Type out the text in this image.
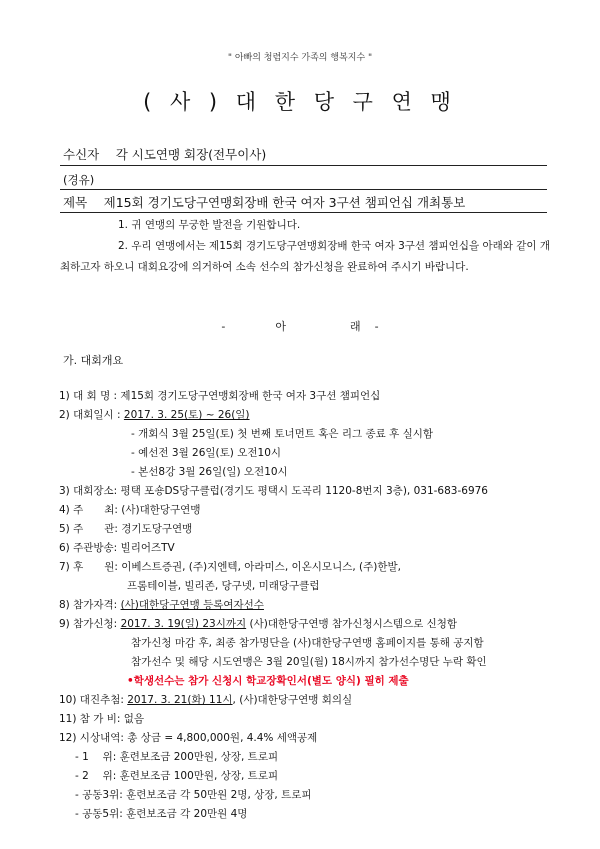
" 아빠의 청렴지수 가족의 행복지수 "
( 사 ) 대 한 당 구 연 맹
수신자　 각 시도연맹 회장(전무이사)
(경유)
제목　 제15회 경기도당구연맹회장배 한국 여자 3구션 챔피언십 개최통보

1. 귀 연맹의 무궁한 발전을 기원합니다.

2. 우리 연맹에서는 제15회 경기도당구연맹회장배 한국 여자 3구션 챔피언십을 아래와 같이 개최하고자 하오니 대회요강에 의거하여 소속 선수의 참가신청을 완료하여 주시기 바랍니다.

-	아	래 -
가. 대회개요
1) 대 회 명 : 제15회 경기도당구연맹회장배 한국 여자 3구션 챔피언십
2) 대회일시 : 2017. 3. 25(토) ~ 26(일)
- 개회식 3월 25일(토) 첫 번째 토너먼트 혹은 리그 종료 후 실시함
- 예선전 3월 26일(토) 오전10시
- 본선8강 3월 26일(일) 오전10시
3) 대회장소: 평택 포숑DS당구클럽(경기도 평택시 도곡리 1120-8번지 3층), 031-683-6976
4) 주　　최: (사)대한당구연맹
5) 주　　관: 경기도당구연맹
6) 주관방송: 빌리어즈TV
7) 후　　원: 이베스트증권, (주)지엔텍, 아라미스, 이온시모니스, (주)한발,
프롬테이블, 빌리존, 당구넷, 미래당구클럽
8) 참가자격: (사)대한당구연맹 등록여자선수
9) 참가신청: 2017. 3. 19(일) 23시까지 (사)대한당구연맹 참가신청시스템으로 신청함
참가신청 마감 후, 최종 참가명단을 (사)대한당구연맹 홈페이지를 통해 공지함
참가선수 및 해당 시도연맹은 3월 20일(월) 18시까지 참가선수명단 누락 확인
•학생선수는 참가 신청시 학교장확인서(별도 양식) 필히 제출
10) 대진추첨: 2017. 3. 21(화) 11시, (사)대한당구연맹 회의실
11) 참 가 비: 없음
12) 시상내역: 총 상금 = 4,800,000원, 4.4% 세액공제
- 1　 위: 훈련보조금 200만원, 상장, 트로피
- 2　 위: 훈련보조금 100만원, 상장, 트로피
- 공동3위: 훈련보조금 각 50만원 2명, 상장, 트로피
- 공동5위: 훈련보조금 각 20만원 4명
